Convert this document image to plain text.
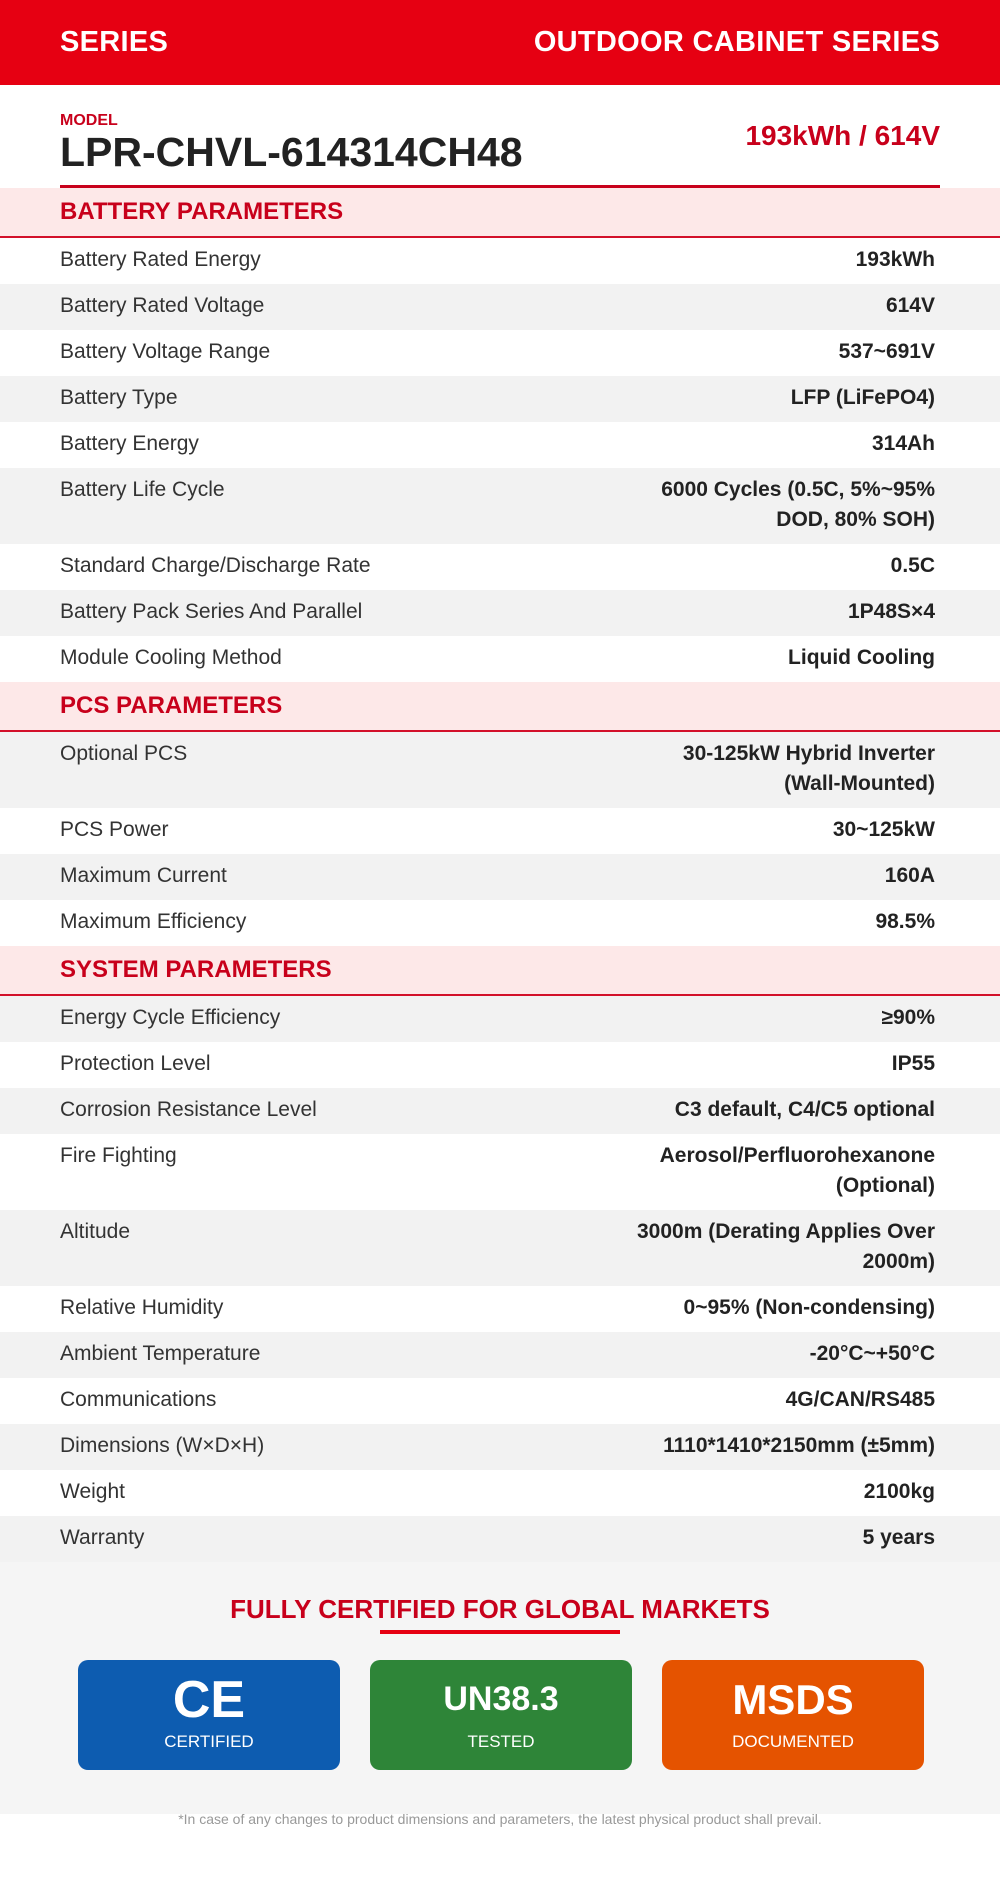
SERIES	OUTDOOR CABINET SERIES
MODEL
LPR-CHVL-614314CH48	193kWh / 614V
BATTERY PARAMETERS
Battery Rated Energy	193kWh
Battery Rated Voltage	614V
Battery Voltage Range	537~691V
Battery Type	LFP (LiFePO4)
Battery Energy	314Ah
Battery Life Cycle	6000 Cycles (0.5C, 5%~95%
DOD, 80% SOH)
Standard Charge/Discharge Rate	0.5C
Battery Pack Series And Parallel	1P48S×4
Module Cooling Method	Liquid Cooling
PCS PARAMETERS
Optional PCS	30-125kW Hybrid Inverter
(Wall-Mounted)
PCS Power	30~125kW
Maximum Current	160A
Maximum Efficiency	98.5%
SYSTEM PARAMETERS
Energy Cycle Efficiency	≥90%
Protection Level	IP55
Corrosion Resistance Level	C3 default, C4/C5 optional
Fire Fighting	Aerosol/Perfluorohexanone
(Optional)
Altitude	3000m (Derating Applies Over
2000m)
Relative Humidity	0~95% (Non-condensing)
Ambient Temperature	-20°C~+50°C
Communications	4G/CAN/RS485
Dimensions (W×D×H)	1110*1410*2150mm (±5mm)
Weight	2100kg
Warranty	5 years
FULLY CERTIFIED FOR GLOBAL MARKETS
CE
CERTIFIED
UN38.3
TESTED
MSDS
DOCUMENTED
*In case of any changes to product dimensions and parameters, the latest physical product shall prevail.
